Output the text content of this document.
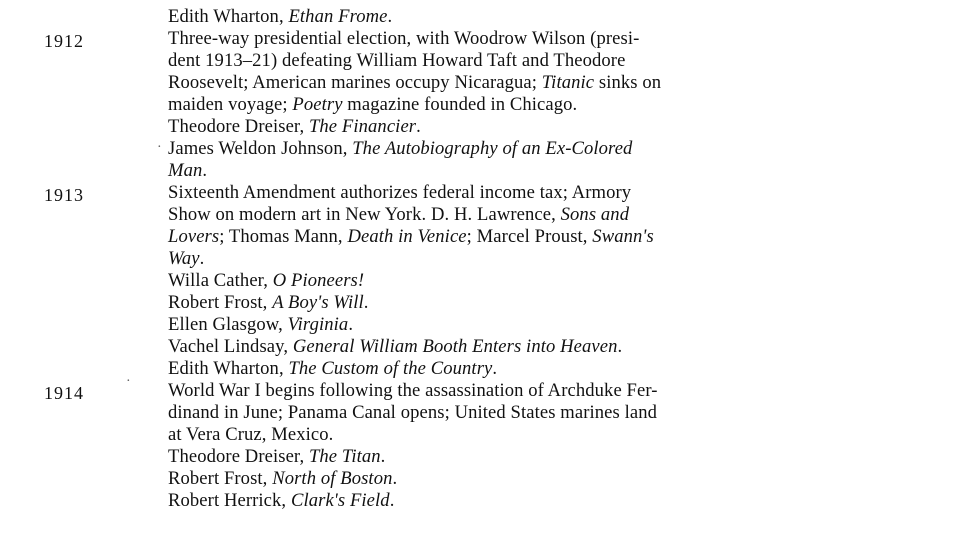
1912
1913
1914
Edith Wharton, Ethan Frome.
Three-way presidential election, with Woodrow Wilson (presi-
dent 1913–21) defeating William Howard Taft and Theodore
Roosevelt; American marines occupy Nicaragua; Titanic sinks on
maiden voyage; Poetry magazine founded in Chicago.
Theodore Dreiser, The Financier.
James Weldon Johnson, The Autobiography of an Ex-Colored
Man.
Sixteenth Amendment authorizes federal income tax; Armory
Show on modern art in New York. D. H. Lawrence, Sons and
Lovers; Thomas Mann, Death in Venice; Marcel Proust, Swann's
Way.
Willa Cather, O Pioneers!
Robert Frost, A Boy's Will.
Ellen Glasgow, Virginia.
Vachel Lindsay, General William Booth Enters into Heaven.
Edith Wharton, The Custom of the Country.
World War I begins following the assassination of Archduke Fer-
dinand in June; Panama Canal opens; United States marines land
at Vera Cruz, Mexico.
Theodore Dreiser, The Titan.
Robert Frost, North of Boston.
Robert Herrick, Clark's Field.
·
·
